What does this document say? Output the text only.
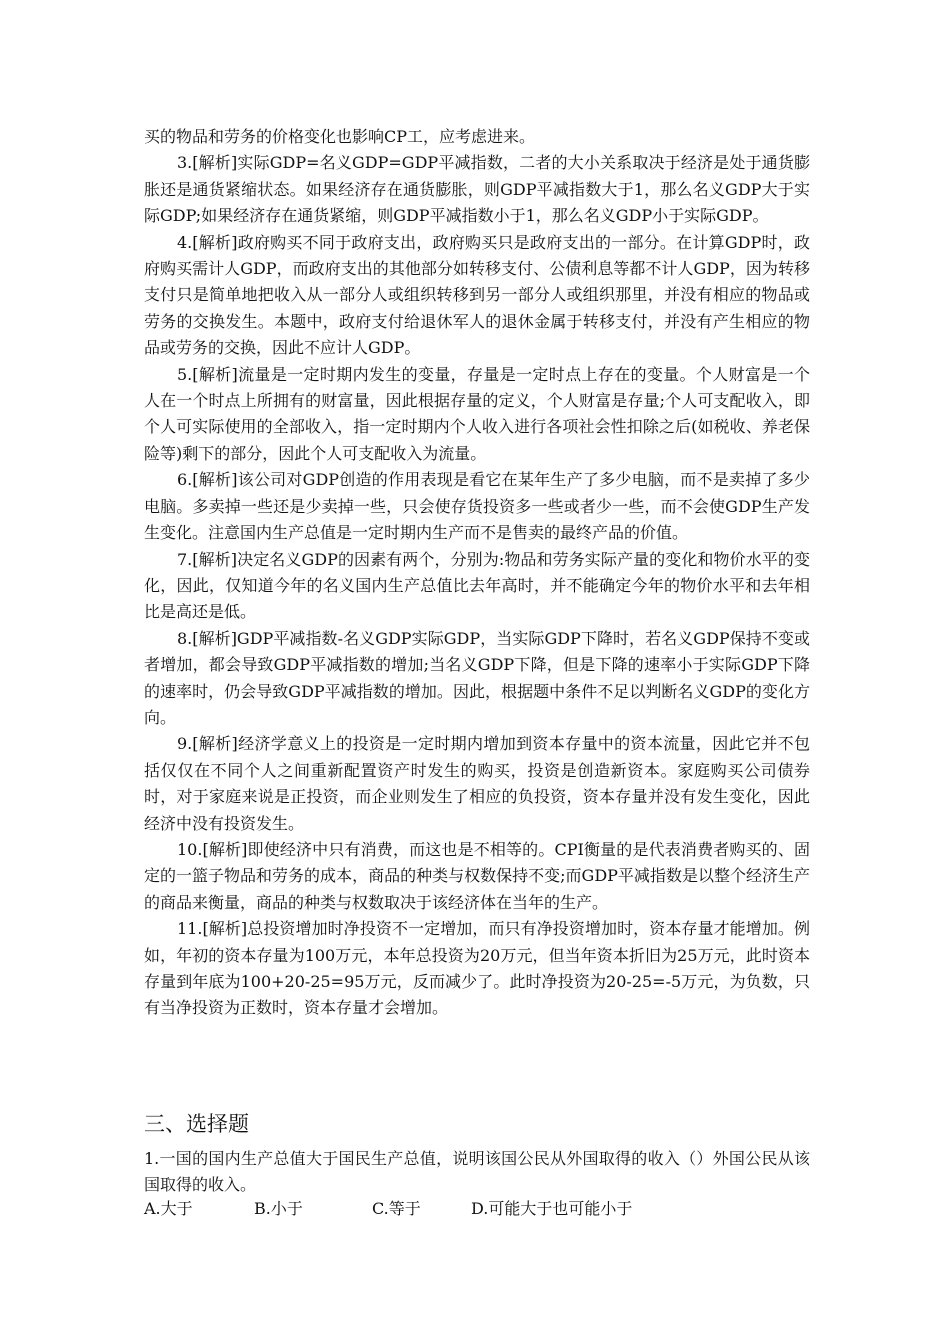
买的物品和劳务的价格变化也影响CP工，应考虑进来。

3.[解析]实际GDP=名义GDP=GDP平减指数，二者的大小关系取决于经济是处于通货膨胀还是通货紧缩状态。如果经济存在通货膨胀，则GDP平减指数大于1，那么名义GDP大于实际GDP;如果经济存在通货紧缩，则GDP平减指数小于1，那么名义GDP小于实际GDP。

4.[解析]政府购买不同于政府支出，政府购买只是政府支出的一部分。在计算GDP时，政府购买需计人GDP，而政府支出的其他部分如转移支付、公债利息等都不计人GDP，因为转移支付只是简单地把收入从一部分人或组织转移到另一部分人或组织那里，并没有相应的物品或劳务的交换发生。本题中，政府支付给退休军人的退休金属于转移支付，并没有产生相应的物品或劳务的交换，因此不应计人GDP。

5.[解析]流量是一定时期内发生的变量，存量是一定时点上存在的变量。个人财富是一个人在一个时点上所拥有的财富量，因此根据存量的定义，个人财富是存量;个人可支配收入，即个人可实际使用的全部收入，指一定时期内个人收入进行各项社会性扣除之后(如税收、养老保险等)剩下的部分，因此个人可支配收入为流量。

6.[解析]该公司对GDP创造的作用表现是看它在某年生产了多少电脑，而不是卖掉了多少电脑。多卖掉一些还是少卖掉一些，只会使存货投资多一些或者少一些，而不会使GDP生产发生变化。注意国内生产总值是一定时期内生产而不是售卖的最终产品的价值。

7.[解析]决定名义GDP的因素有两个，分别为:物品和劳务实际产量的变化和物价水平的变化，因此，仅知道今年的名义国内生产总值比去年高时，并不能确定今年的物价水平和去年相比是高还是低。

8.[解析]GDP平减指数-名义GDP实际GDP，当实际GDP下降时，若名义GDP保持不变或者增加，都会导致GDP平减指数的增加;当名义GDP下降，但是下降的速率小于实际GDP下降的速率时，仍会导致GDP平减指数的增加。因此，根据题中条件不足以判断名义GDP的变化方向。

9.[解析]经济学意义上的投资是一定时期内增加到资本存量中的资本流量，因此它并不包括仅仅在不同个人之间重新配置资产时发生的购买，投资是创造新资本。家庭购买公司债券时，对于家庭来说是正投资，而企业则发生了相应的负投资，资本存量并没有发生变化，因此经济中没有投资发生。

10.[解析]即使经济中只有消费，而这也是不相等的。CPI衡量的是代表消费者购买的、固定的一篮子物品和劳务的成本，商品的种类与权数保持不变;而GDP平减指数是以整个经济生产的商品来衡量，商品的种类与权数取决于该经济体在当年的生产。

11.[解析]总投资增加时净投资不一定增加，而只有净投资增加时，资本存量才能增加。例如，年初的资本存量为100万元，本年总投资为20万元，但当年资本折旧为25万元，此时资本存量到年底为100+20-25=95万元，反而减少了。此时净投资为20-25=-5万元，为负数，只有当净投资为正数时，资本存量才会增加。

三、选择题

1.一国的国内生产总值大于国民生产总值，说明该国公民从外国取得的收入（）外国公民从该国取得的收入。

A.大于	B.小于	C.等于	D.可能大于也可能小于
